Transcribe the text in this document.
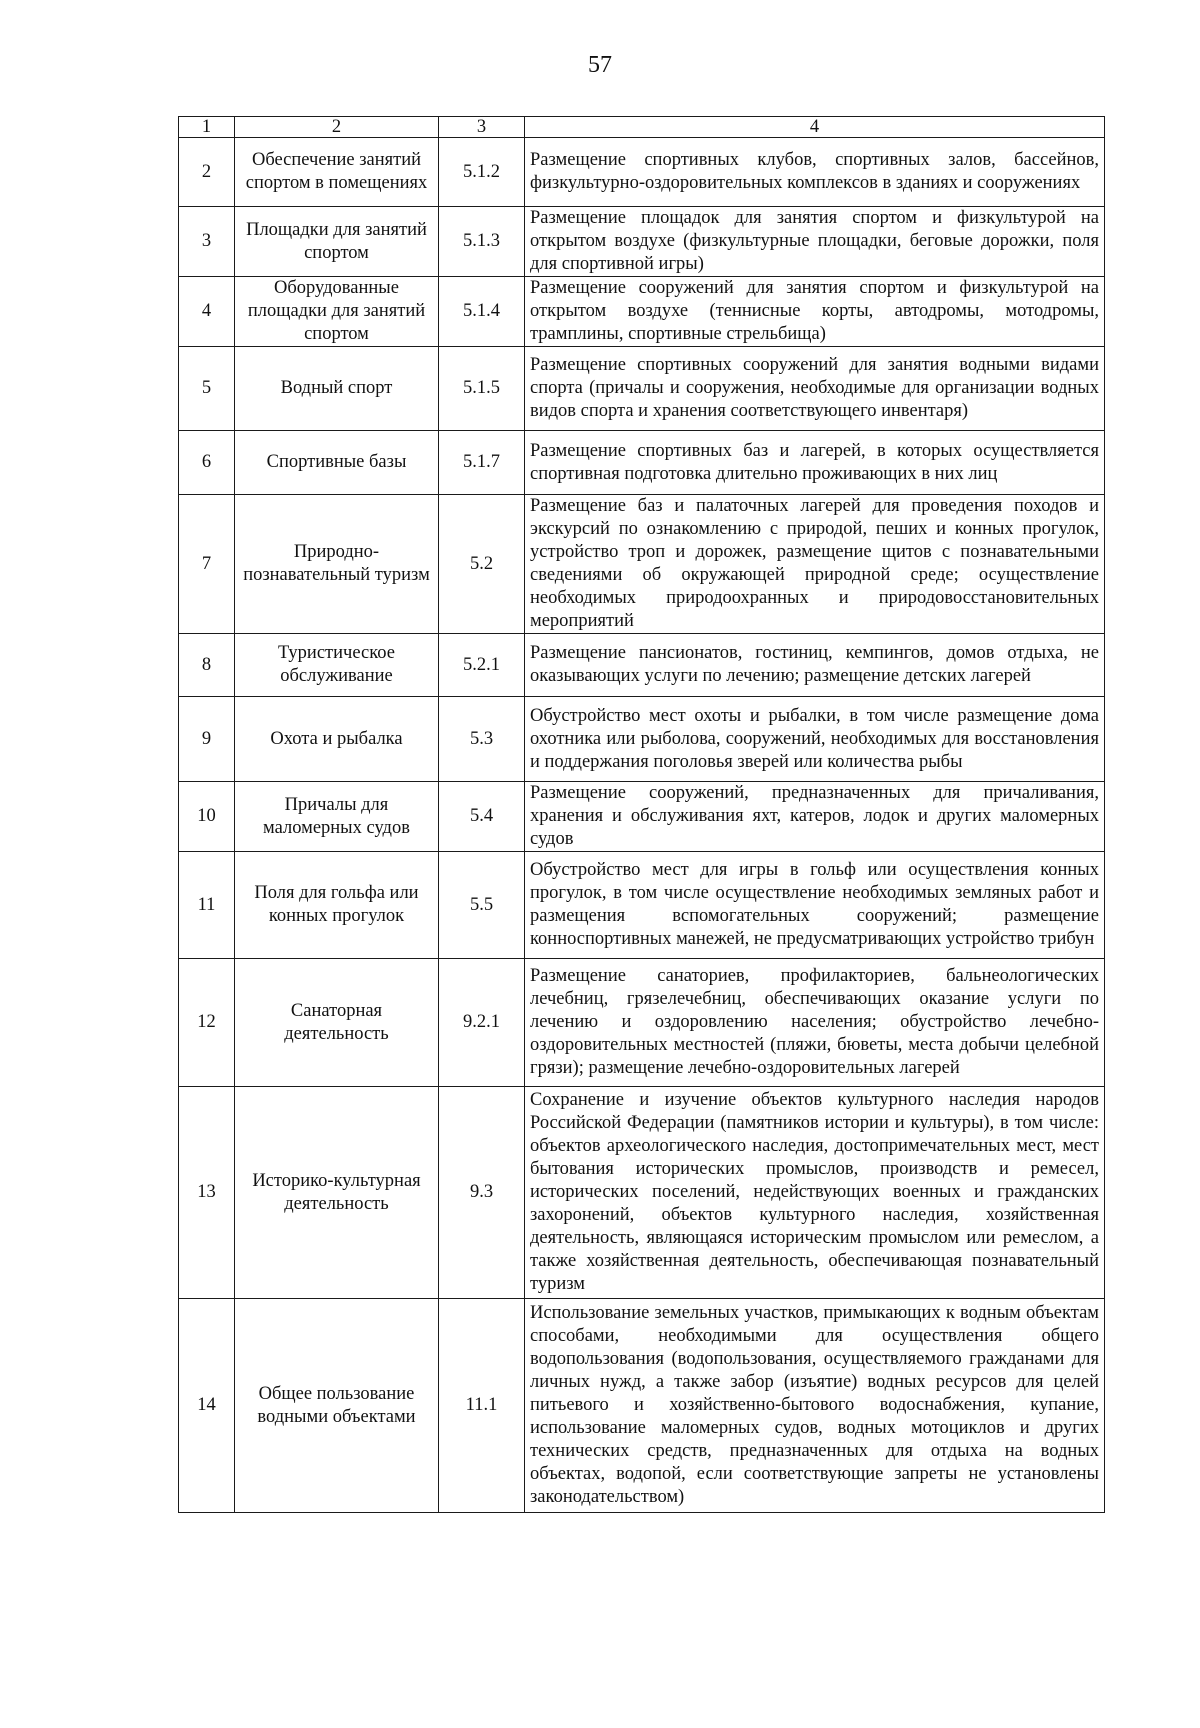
57
1	2	3	4
2	Обеспечение занятий спортом в помещениях	5.1.2	Размещение спортивных клубов, спортивных залов, бассейнов, физкультурно-оздоровительных комплексов в зданиях и сооружениях
3	Площадки для занятий спортом	5.1.3	Размещение площадок для занятия спортом и физкультурой на открытом воздухе (физкультурные площадки, беговые дорожки, поля для спортивной игры)
4	Оборудованные площадки для занятий спортом	5.1.4	Размещение сооружений для занятия спортом и физкультурой на открытом воздухе (теннисные корты, автодромы, мотодромы, трамплины, спортивные стрельбища)
5	Водный спорт	5.1.5	Размещение спортивных сооружений для занятия водными видами спорта (причалы и сооружения, необходимые для организации водных видов спорта и хранения соответствующего инвентаря)
6	Спортивные базы	5.1.7	Размещение спортивных баз и лагерей, в которых осуществляется спортивная подготовка длительно проживающих в них лиц
7	Природно-познавательный туризм	5.2	Размещение баз и палаточных лагерей для проведения походов и экскурсий по ознакомлению с природой, пеших и конных прогулок, устройство троп и дорожек, размещение щитов с познавательными сведениями об окружающей природной среде; осуществление необходимых природоохранных и природовосстановительных мероприятий
8	Туристическое обслуживание	5.2.1	Размещение пансионатов, гостиниц, кемпингов, домов отдыха, не оказывающих услуги по лечению; размещение детских лагерей
9	Охота и рыбалка	5.3	Обустройство мест охоты и рыбалки, в том числе размещение дома охотника или рыболова, сооружений, необходимых для восстановления и поддержания поголовья зверей или количества рыбы
10	Причалы для маломерных судов	5.4	Размещение сооружений, предназначенных для причаливания, хранения и обслуживания яхт, катеров, лодок и других маломерных судов
11	Поля для гольфа или конных прогулок	5.5	Обустройство мест для игры в гольф или осуществления конных прогулок, в том числе осуществление необходимых земляных работ и размещения вспомогательных сооружений; размещение конноспортивных манежей, не предусматривающих устройство трибун
12	Санаторная деятельность	9.2.1	Размещение санаториев, профилакториев, бальнеологических лечебниц, грязелечебниц, обеспечивающих оказание услуги по лечению и оздоровлению населения; обустройство лечебно-оздоровительных местностей (пляжи, бюветы, места добычи целебной грязи); размещение лечебно-оздоровительных лагерей
13	Историко-культурная деятельность	9.3	Сохранение и изучение объектов культурного наследия народов Российской Федерации (памятников истории и культуры), в том числе: объектов археологического наследия, достопримечательных мест, мест бытования исторических промыслов, производств и ремесел, исторических поселений, недействующих военных и гражданских захоронений, объектов культурного наследия, хозяйственная деятельность, являющаяся историческим промыслом или ремеслом, а также хозяйственная деятельность, обеспечивающая познавательный туризм
14	Общее пользование водными объектами	11.1	Использование земельных участков, примыкающих к водным объектам способами, необходимыми для осуществления общего водопользования (водопользования, осуществляемого гражданами для личных нужд, а также забор (изъятие) водных ресурсов для целей питьевого и хозяйственно-бытового водоснабжения, купание, использование маломерных судов, водных мотоциклов и других технических средств, предназначенных для отдыха на водных объектах, водопой, если соответствующие запреты не установлены законодательством)
